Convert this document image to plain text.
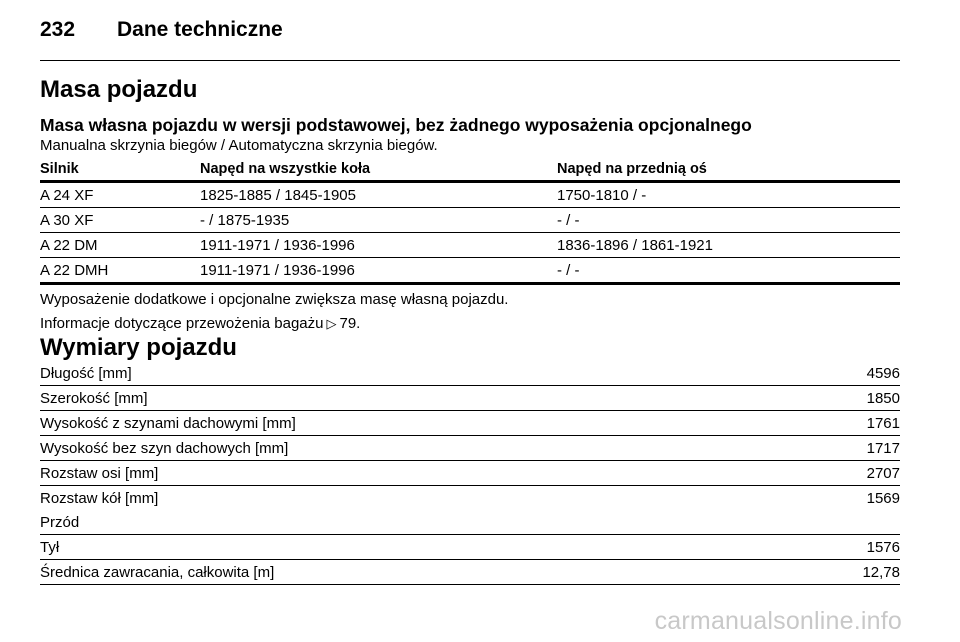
232 Dane techniczne
Masa pojazdu
Masa własna pojazdu w wersji podstawowej, bez żadnego wyposażenia opcjonalnego
Manualna skrzynia biegów / Automatyczna skrzynia biegów.
Silnik	Napęd na wszystkie koła	Napęd na przednią oś
A 24 XF	1825-1885 / 1845-1905	1750-1810 / -
A 30 XF	- / 1875-1935	- / -
A 22 DM	1911-1971 / 1936-1996	1836-1896 / 1861-1921
A 22 DMH	1911-1971 / 1936-1996	- / -
Wyposażenie dodatkowe i opcjonalne zwiększa masę własną pojazdu.
Informacje dotyczące przewożenia bagażu ▷ 79.
Wymiary pojazdu
Długość [mm]	4596
Szerokość [mm]	1850
Wysokość z szynami dachowymi [mm]	1761
Wysokość bez szyn dachowych [mm]	1717
Rozstaw osi [mm]	2707
Rozstaw kół [mm]	1569
Przód
Tył	1576
Średnica zawracania, całkowita [m]	12,78
carmanualsonline.info
